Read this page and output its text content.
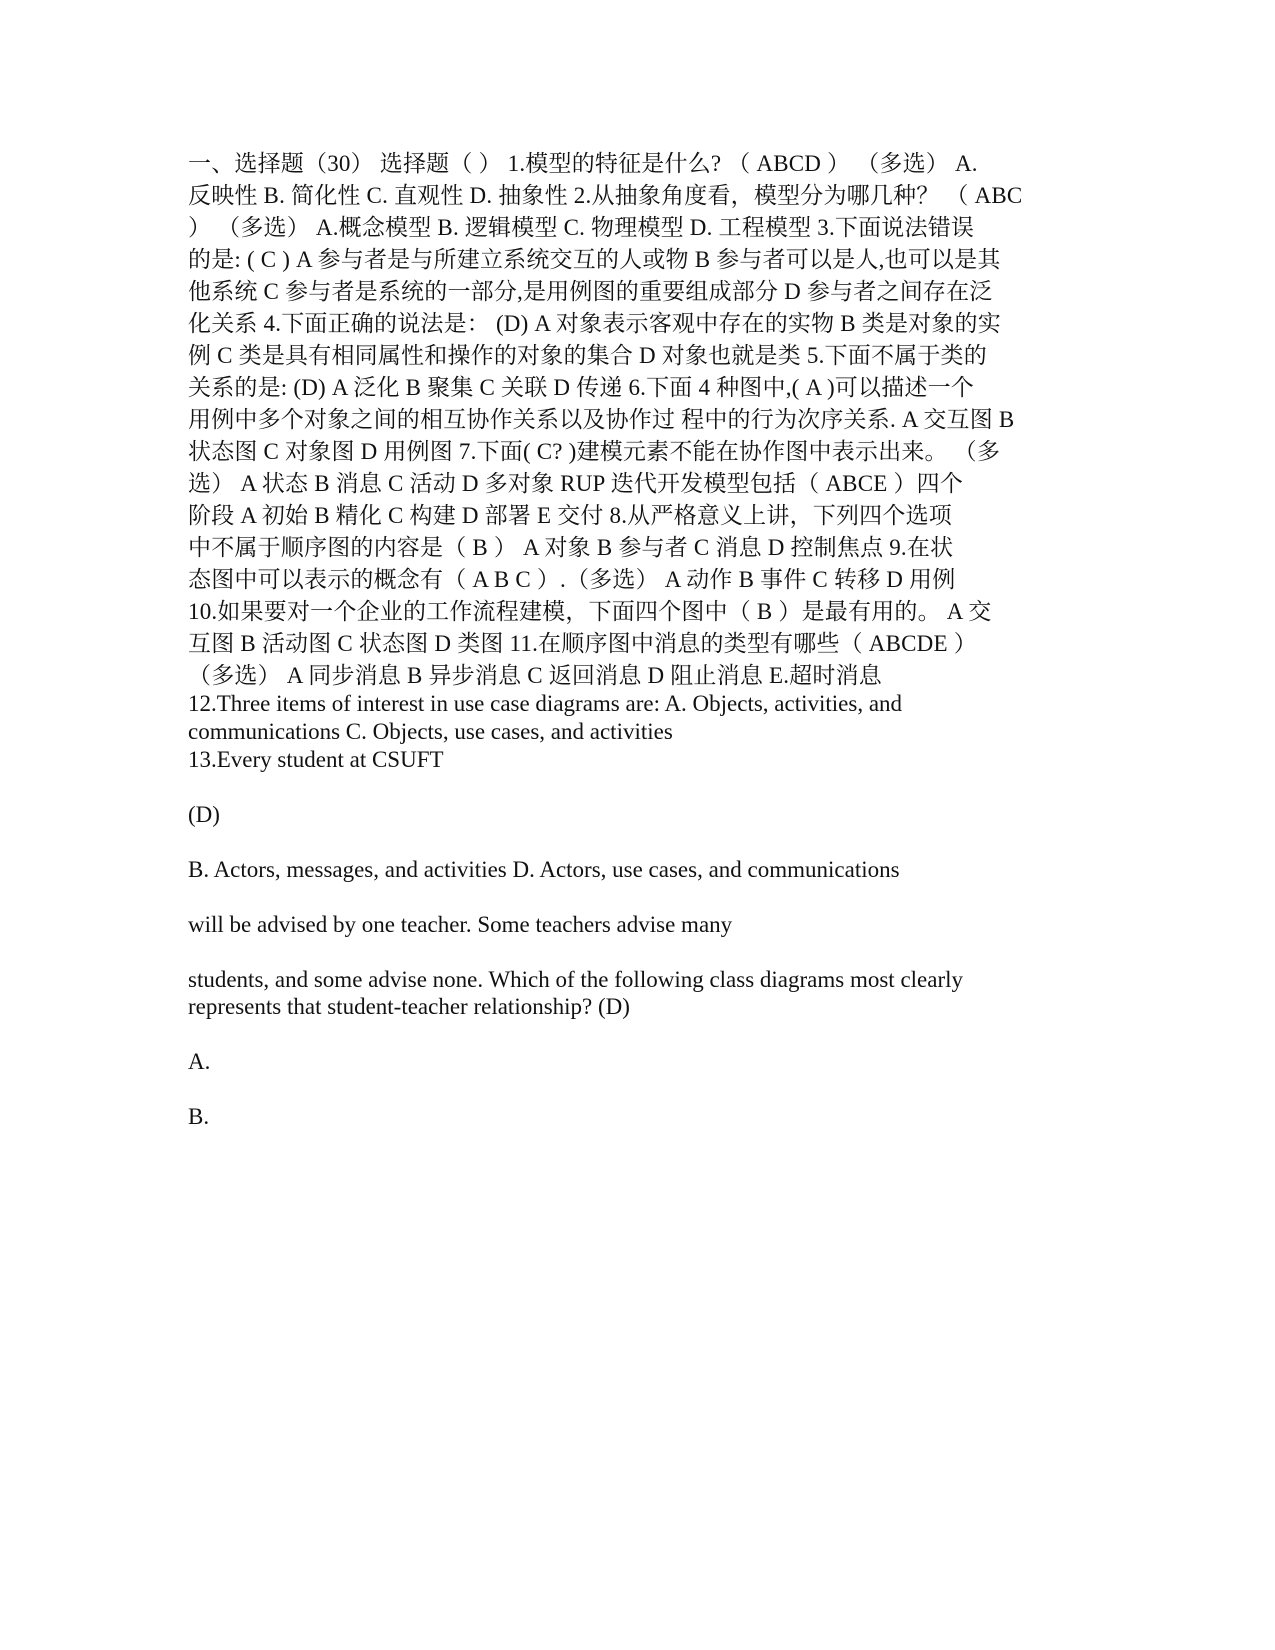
一、选择题（30） 选择题（ ） 1.模型的特征是什么? （ ABCD ） （多选） A.
反映性 B. 简化性 C. 直观性 D. 抽象性 2.从抽象角度看，模型分为哪几种？ （ ABC
） （多选） A.概念模型 B. 逻辑模型 C. 物理模型 D. 工程模型 3.下面说法错误
的是: ( C ) A 参与者是与所建立系统交互的人或物 B 参与者可以是人,也可以是其
他系统 C 参与者是系统的一部分,是用例图的重要组成部分 D 参与者之间存在泛
化关系 4.下面正确的说法是： (D) A 对象表示客观中存在的实物 B 类是对象的实
例 C 类是具有相同属性和操作的对象的集合 D 对象也就是类 5.下面不属于类的
关系的是: (D) A 泛化 B 聚集 C 关联 D 传递 6.下面 4 种图中,( A )可以描述一个
用例中多个对象之间的相互协作关系以及协作过 程中的行为次序关系. A 交互图 B
状态图 C 对象图 D 用例图 7.下面( C? )建模元素不能在协作图中表示出来。 （多
选） A 状态 B 消息 C 活动 D 多对象 RUP 迭代开发模型包括（ ABCE ）四个
阶段 A 初始 B 精化 C 构建 D 部署 E 交付 8.从严格意义上讲，下列四个选项
中不属于顺序图的内容是（ B ） A 对象 B 参与者 C 消息 D 控制焦点 9.在状
态图中可以表示的概念有（ A B C ）.（多选） A 动作 B 事件 C 转移 D 用例
10.如果要对一个企业的工作流程建模，下面四个图中（ B ）是最有用的。 A 交
互图 B 活动图 C 状态图 D 类图 11.在顺序图中消息的类型有哪些（ ABCDE ）
（多选） A 同步消息 B 异步消息 C 返回消息 D 阻止消息 E.超时消息
12.Three items of interest in use case diagrams are: A. Objects, activities, and
communications C. Objects, use cases, and activities
13.Every student at CSUFT
(D)
B. Actors, messages, and activities D. Actors, use cases, and communications
will be advised by one teacher. Some teachers advise many
students, and some advise none. Which of the following class diagrams most clearly
represents that student-teacher relationship? (D)
A.
B.
